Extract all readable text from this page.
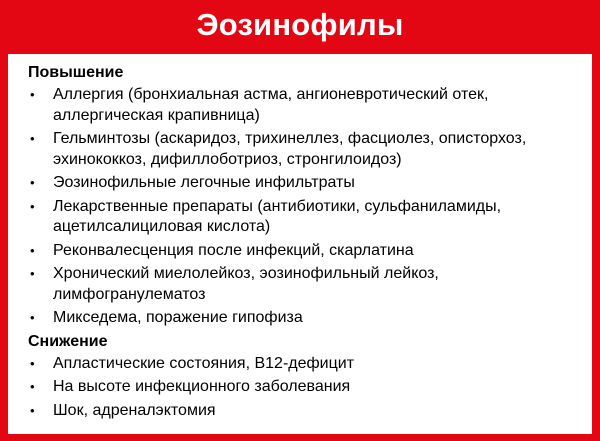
Эозинофилы
Повышение
•	Аллергия (бронхиальная астма, ангионевротический отек, аллергическая крапивница)
•	Гельминтозы (аскаридоз, трихинеллез, фасциолез, описторхоз, эхинококкоз, дифиллоботриоз, стронгилоидоз)
•	Эозинофильные легочные инфильтраты
•	Лекарственные препараты (антибиотики, сульфаниламиды, ацетилсалициловая кислота)
•	Реконвалесценция после инфекций, скарлатина
•	Хронический миелолейкоз, эозинофильный лейкоз, лимфогранулематоз
•	Микседема, поражение гипофиза
Снижение
•	Апластические состояния, В12-дефицит
•	На высоте инфекционного заболевания
•	Шок, адреналэктомия
